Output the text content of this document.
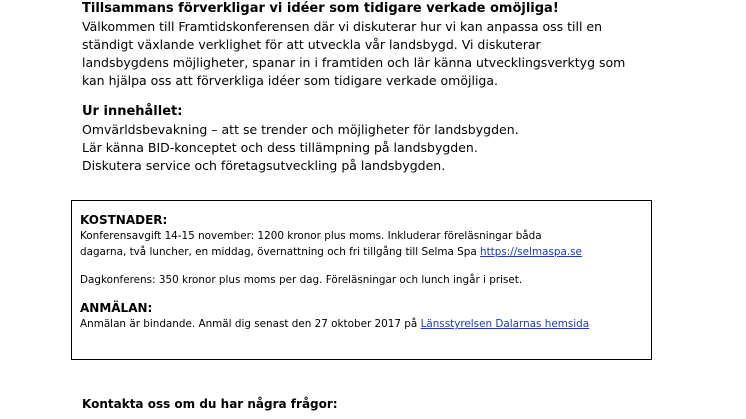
Tillsammans förverkligar vi idéer som tidigare verkade omöjliga!

Välkommen till Framtidskonferensen där vi diskuterar hur vi kan anpassa oss till en

ständigt växlande verklighet för att utveckla vår landsbygd. Vi diskuterar

landsbygdens möjligheter, spanar in i framtiden och lär känna utvecklingsverktyg som

kan hjälpa oss att förverkliga idéer som tidigare verkade omöjliga.

Ur innehållet:

Omvärldsbevakning – att se trender och möjligheter för landsbygden.

Lär känna BID-konceptet och dess tillämpning på landsbygden.

Diskutera service och företagsutveckling på landsbygden.

KOSTNADER:

Konferensavgift 14-15 november: 1200 kronor plus moms. Inkluderar föreläsningar båda

dagarna, två luncher, en middag, övernattning och fri tillgång till Selma Spa https://selmaspa.se

Dagkonferens: 350 kronor plus moms per dag. Föreläsningar och lunch ingår i priset.

ANMÄLAN:

Anmälan är bindande. Anmäl dig senast den 27 oktober 2017 på Länsstyrelsen Dalarnas hemsida

Kontakta oss om du har några frågor:
